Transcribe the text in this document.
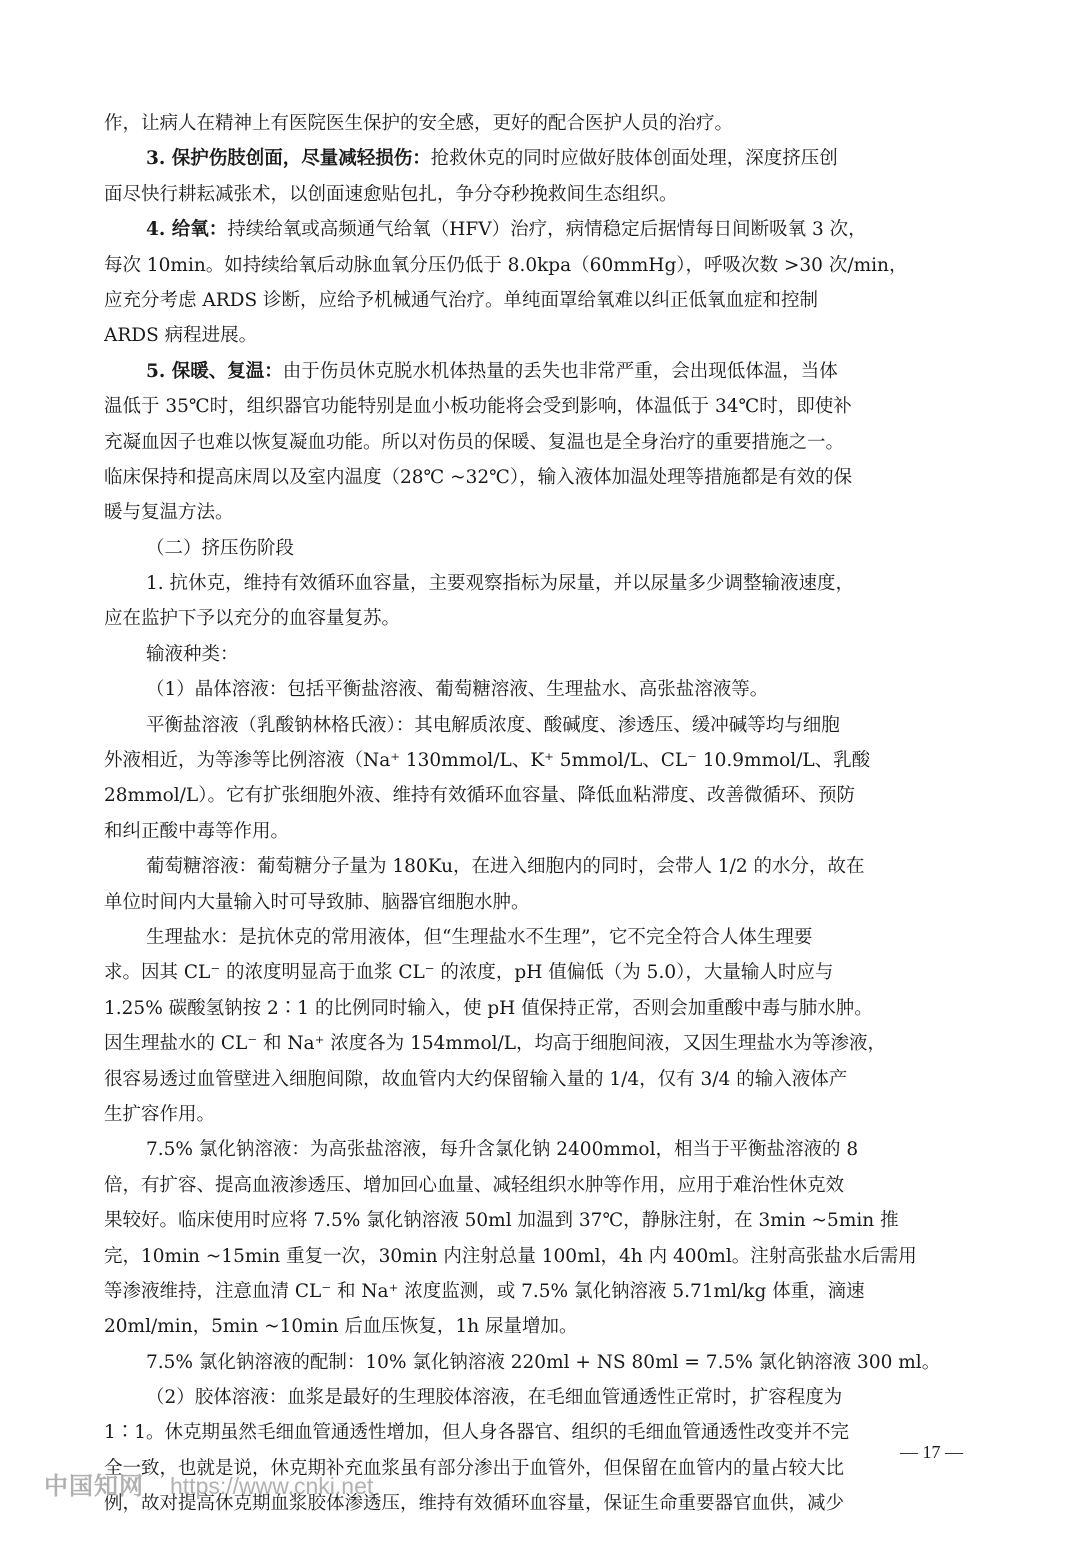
作，让病人在精神上有医院医生保护的安全感，更好的配合医护人员的治疗。
3. 保护伤肢创面，尽量减轻损伤：抢救休克的同时应做好肢体创面处理，深度挤压创
面尽快行耕耘减张术，以创面速愈贴包扎，争分夺秒挽救间生态组织。
4. 给氧：持续给氧或高频通气给氧（HFV）治疗，病情稳定后据情每日间断吸氧 3 次，
每次 10min。如持续给氧后动脉血氧分压仍低于 8.0kpa（60mmHg），呼吸次数 >30 次/min，
应充分考虑 ARDS 诊断，应给予机械通气治疗。单纯面罩给氧难以纠正低氧血症和控制
ARDS 病程进展。
5. 保暖、复温：由于伤员休克脱水机体热量的丢失也非常严重，会出现低体温，当体
温低于 35℃时，组织器官功能特别是血小板功能将会受到影响，体温低于 34℃时，即使补
充凝血因子也难以恢复凝血功能。所以对伤员的保暖、复温也是全身治疗的重要措施之一。
临床保持和提高床周以及室内温度（28℃ ~32℃），输入液体加温处理等措施都是有效的保
暖与复温方法。
（二）挤压伤阶段
1. 抗休克，维持有效循环血容量，主要观察指标为尿量，并以尿量多少调整输液速度，
应在监护下予以充分的血容量复苏。
输液种类：
（1）晶体溶液：包括平衡盐溶液、葡萄糖溶液、生理盐水、高张盐溶液等。
平衡盐溶液（乳酸钠林格氏液）：其电解质浓度、酸碱度、渗透压、缓冲碱等均与细胞
外液相近，为等渗等比例溶液（Na⁺ 130mmol/L、K⁺ 5mmol/L、CL⁻ 10.9mmol/L、乳酸
28mmol/L）。它有扩张细胞外液、维持有效循环血容量、降低血粘滞度、改善微循环、预防
和纠正酸中毒等作用。
葡萄糖溶液：葡萄糖分子量为 180Ku，在进入细胞内的同时，会带人 1/2 的水分，故在
单位时间内大量输入时可导致肺、脑器官细胞水肿。
生理盐水：是抗休克的常用液体，但“生理盐水不生理”，它不完全符合人体生理要
求。因其 CL⁻ 的浓度明显高于血浆 CL⁻ 的浓度，pH 值偏低（为 5.0），大量输人时应与
1.25% 碳酸氢钠按 2∶1 的比例同时输入，使 pH 值保持正常，否则会加重酸中毒与肺水肿。
因生理盐水的 CL⁻ 和 Na⁺ 浓度各为 154mmol/L，均高于细胞间液，又因生理盐水为等渗液，
很容易透过血管壁进入细胞间隙，故血管内大约保留输入量的 1/4，仅有 3/4 的输入液体产
生扩容作用。
7.5% 氯化钠溶液：为高张盐溶液，每升含氯化钠 2400mmol，相当于平衡盐溶液的 8
倍，有扩容、提高血液渗透压、增加回心血量、减轻组织水肿等作用，应用于难治性休克效
果较好。临床使用时应将 7.5% 氯化钠溶液 50ml 加温到 37℃，静脉注射，在 3min ~5min 推
完，10min ~15min 重复一次，30min 内注射总量 100ml，4h 内 400ml。注射高张盐水后需用
等渗液维持，注意血清 CL⁻ 和 Na⁺ 浓度监测，或 7.5% 氯化钠溶液 5.71ml/kg 体重，滴速
20ml/min，5min ~10min 后血压恢复，1h 尿量增加。
7.5% 氯化钠溶液的配制：10% 氯化钠溶液 220ml + NS 80ml = 7.5% 氯化钠溶液 300 ml。
（2）胶体溶液：血浆是最好的生理胶体溶液，在毛细血管通透性正常时，扩容程度为
1∶1。休克期虽然毛细血管通透性增加，但人身各器官、组织的毛细血管通透性改变并不完
全一致，也就是说，休克期补充血浆虽有部分渗出于血管外，但保留在血管内的量占较大比
例，故对提高休克期血浆胶体渗透压，维持有效循环血容量，保证生命重要器官血供，减少
— 17 —
中国知网 https://www.cnki.net
